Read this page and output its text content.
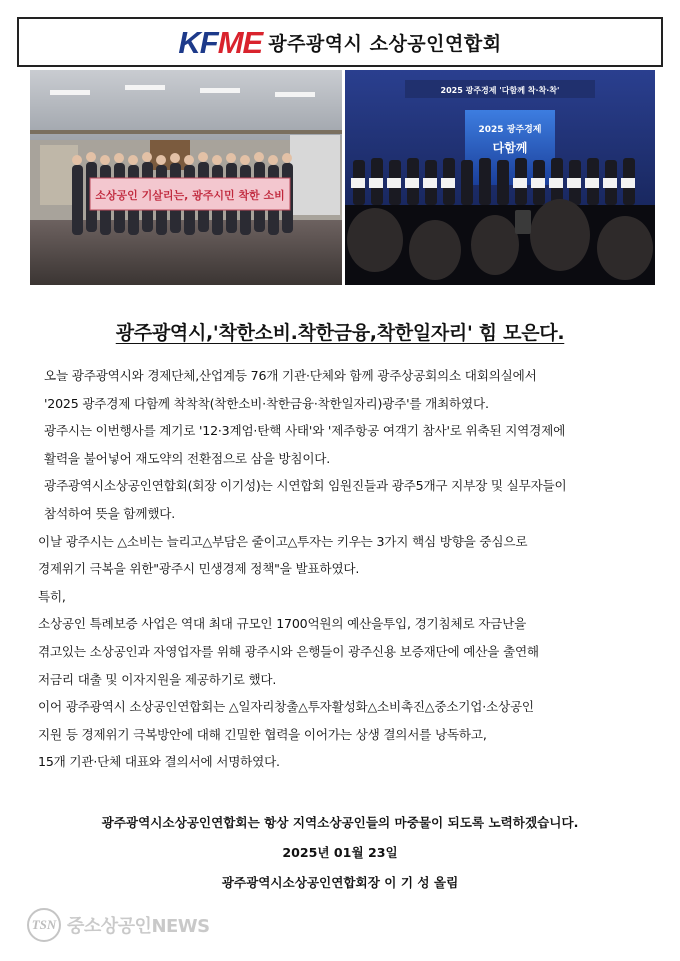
KFME 광주광역시 소상공인연합회
소상공인 기살리는, 광주시민 착한 소비
2025 광주경제 '다함께 착·착·착'
2025 광주경제
다함께
광주광역시,'착한소비.착한금융,착한일자리' 힘 모은다.
오늘 광주광역시와 경제단체,산업계등 76개 기관·단체와 함께 광주상공회의소 대회의실에서
'2025 광주경제 다함께 착착착(착한소비·착한금융·착한일자리)광주'를 개최하였다.
광주시는 이번행사를 계기로 '12·3계엄·탄핵 사태'와 '제주항공 여객기 참사'로 위축된 지역경제에
활력을 불어넣어 재도약의 전환점으로 삼을 방침이다.
광주광역시소상공인연합회(회장 이기성)는 시연합회 임원진들과 광주5개구 지부장 및 실무자들이
참석하여 뜻을 함께했다.
이날 광주시는 △소비는 늘리고△부담은 줄이고△투자는 키우는 3가지 핵심 방향을 중심으로
경제위기 극복을 위한"광주시 민생경제 정책"을 발표하였다.
특히,
소상공인 특례보증 사업은 역대 최대 규모인 1700억원의 예산을투입, 경기침체로 자금난을
겪고있는 소상공인과 자영업자를 위해 광주시와 은행들이 광주신용 보증재단에 예산을 출연해
저금리 대출 및 이자지원을 제공하기로 했다.
이어 광주광역시 소상공인연합회는 △일자리창출△투자활성화△소비촉진△중소기업·소상공인
지원 등 경제위기 극복방안에 대해 긴밀한 협력을 이어가는 상생 결의서를 낭독하고,
15개 기관·단체 대표와 결의서에 서명하였다.
광주광역시소상공인연합회는 항상 지역소상공인들의 마중물이 되도록 노력하겠습니다.
2025년 01월 23일
광주광역시소상공인연합회장 이 기 성 올림
TSN 중소상공인NEWS
